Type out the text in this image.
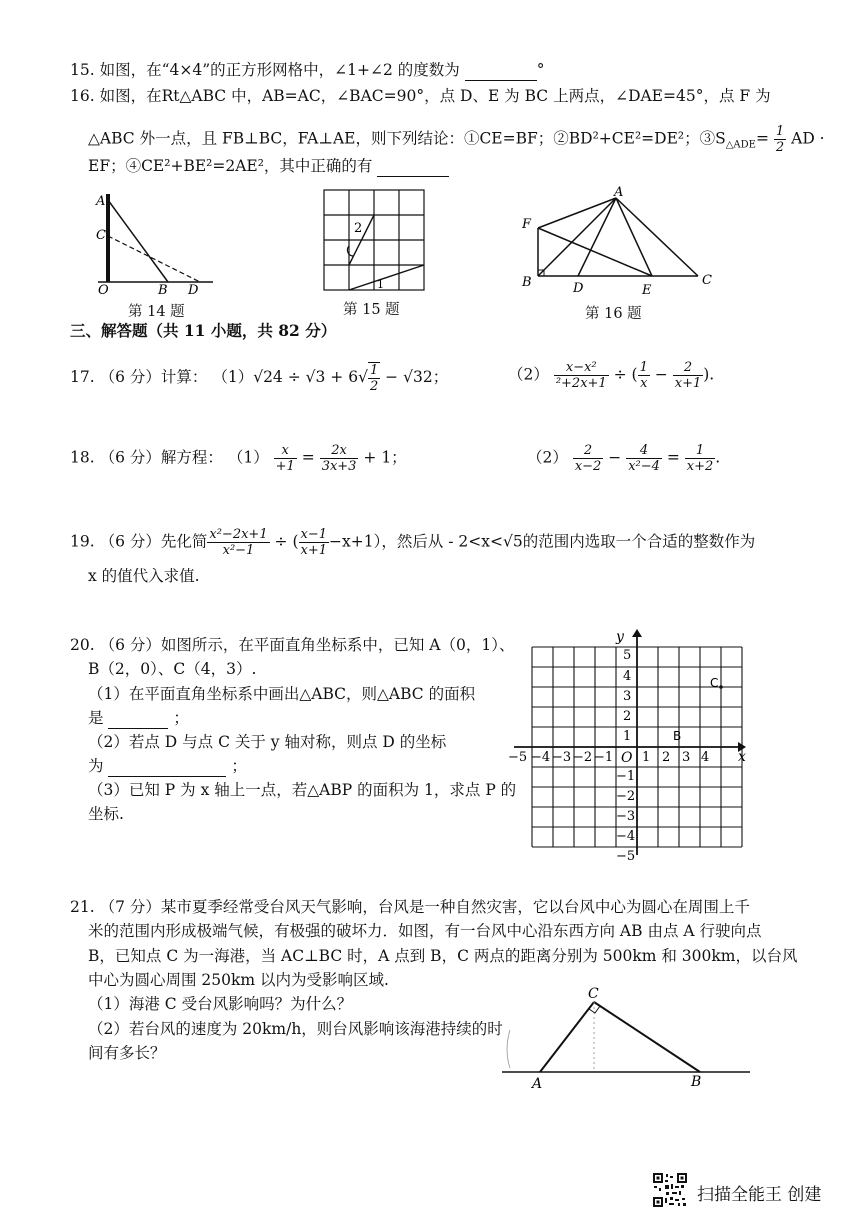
15. 如图，在“4×4”的正方形网格中，∠1+∠2 的度数为	°
16. 如图，在Rt△ABC 中，AB=AC，∠BAC=90°，点 D、E 为 BC 上两点，∠DAE=45°，点 F 为
△ABC 外一点，且 FB⊥BC，FA⊥AE，则下列结论：①CE=BF；②BD²+CE²=DE²；$③S_{\triangle ADE}= \frac{1}{2}$ AD ·
EF；④CE²+BE²=2AE²，其中正确的有
A
C
O	B D
第 14 题
2
1
第 15 题
A
F
B	D	E
C
第 16 题
三、解答题（共 11 小题，共 82 分）
17. （6 分）计算： $(1)√24 \div √3 + 6√ \frac{1}{2} - √32$；	$(2) \frac{\text{x−x²}}{\text{²+2x+1}}$ ÷ ( $\frac{1}{x} - \frac{2}{x+1}$ ).
18. （6 分）解方程： $(1) \frac{x}{+1} = \frac{2x}{3x+3} + 1$；	$(2) \frac{2}{x-2} - \frac{4}{\text{x²−4}} = \frac{1}{x+2}$ .
19. （6 分）先化简 $\frac{\text{x²−2x+1}}{\text{x²−1}}$ ÷ ( $\frac{x-1}{x+1} -x+1$），然后从 - 2<x<√5的范围内选取一个合适的整数作为
x 的值代入求值.
20. （6 分）如图所示，在平面直角坐标系中，已知 A（0，1）、
B（2，0）、C（4，3）.
（1）在平面直角坐标系中画出△ABC，则△ABC 的面积
是	；
（2）若点 D 与点 C 关于 y 轴对称，则点 D 的坐标
为	；
（3）已知 P 为 x 轴上一点，若△ABP 的面积为 1，求点 P 的
坐标.
x
y
O
−5 −4 −3 −2 −1 1 2 3 4
5
4
3
2
1
−1
−2
−3
−4
−5
C
B
21. （7 分）某市夏季经常受台风天气影响，台风是一种自然灾害，它以台风中心为圆心在周围上千
米的范围内形成极端气候，有极强的破坏力．如图，有一台风中心沿东西方向 AB 由点 A 行驶向点
B，已知点 C 为一海港，当 AC⊥BC 时，A 点到 B，C 两点的距离分别为 500km 和 300km，以台风
中心为圆心周围 250km 以内为受影响区域.
（1）海港 C 受台风影响吗？为什么？
（2）若台风的速度为 20km/h，则台风影响该海港持续的时
间有多长？
C
A	B
扫描全能王 创建
